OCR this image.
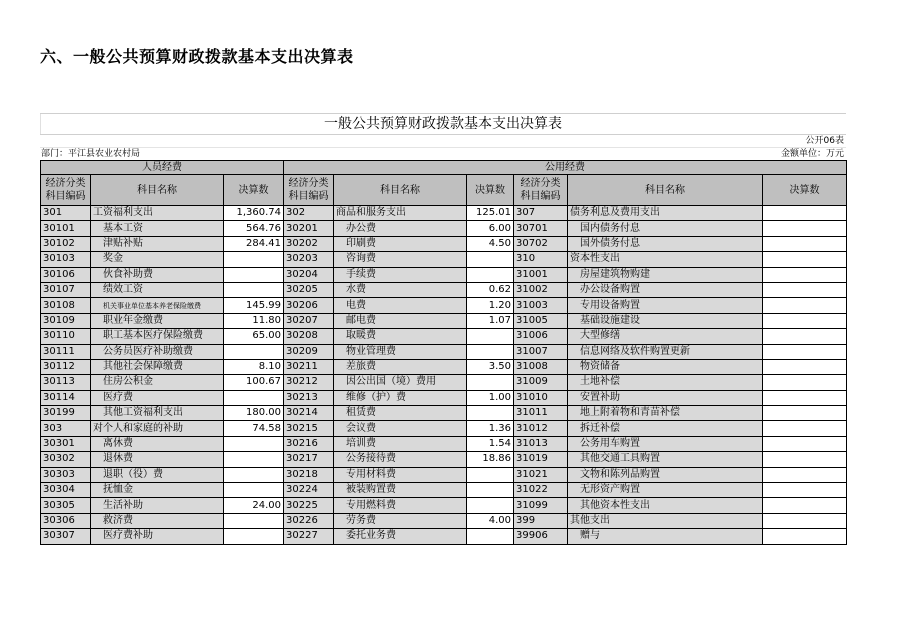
六、一般公共预算财政拨款基本支出决算表
一般公共预算财政拨款基本支出决算表
公开06表
部门：平江县农业农村局	金额单位：万元
人员经费			公用经费					
经济分类科目编码	科目名称	决算数	经济分类科目编码	科目名称	决算数	经济分类科目编码	科目名称	决算数
301	工资福利支出	1,360.74	302	商品和服务支出	125.01	307	债务利息及费用支出	
30101	基本工资	564.76	30201	办公费	6.00	30701	国内债务付息	
30102	津贴补贴	284.41	30202	印刷费	4.50	30702	国外债务付息	
30103	奖金		30203	咨询费		310	资本性支出	
30106	伙食补助费		30204	手续费		31001	房屋建筑物购建	
30107	绩效工资		30205	水费	0.62	31002	办公设备购置	
30108	机关事业单位基本养老保险缴费	145.99	30206	电费	1.20	31003	专用设备购置	
30109	职业年金缴费	11.80	30207	邮电费	1.07	31005	基础设施建设	
30110	职工基本医疗保险缴费	65.00	30208	取暖费		31006	大型修缮	
30111	公务员医疗补助缴费		30209	物业管理费		31007	信息网络及软件购置更新	
30112	其他社会保障缴费	8.10	30211	差旅费	3.50	31008	物资储备	
30113	住房公积金	100.67	30212	因公出国（境）费用		31009	土地补偿	
30114	医疗费		30213	维修（护）费	1.00	31010	安置补助	
30199	其他工资福利支出	180.00	30214	租赁费		31011	地上附着物和青苗补偿	
303	对个人和家庭的补助	74.58	30215	会议费	1.36	31012	拆迁补偿	
30301	离休费		30216	培训费	1.54	31013	公务用车购置	
30302	退休费		30217	公务接待费	18.86	31019	其他交通工具购置	
30303	退职（役）费		30218	专用材料费		31021	文物和陈列品购置	
30304	抚恤金		30224	被装购置费		31022	无形资产购置	
30305	生活补助	24.00	30225	专用燃料费		31099	其他资本性支出	
30306	救济费		30226	劳务费	4.00	399	其他支出	
30307	医疗费补助		30227	委托业务费		39906	赠与	
